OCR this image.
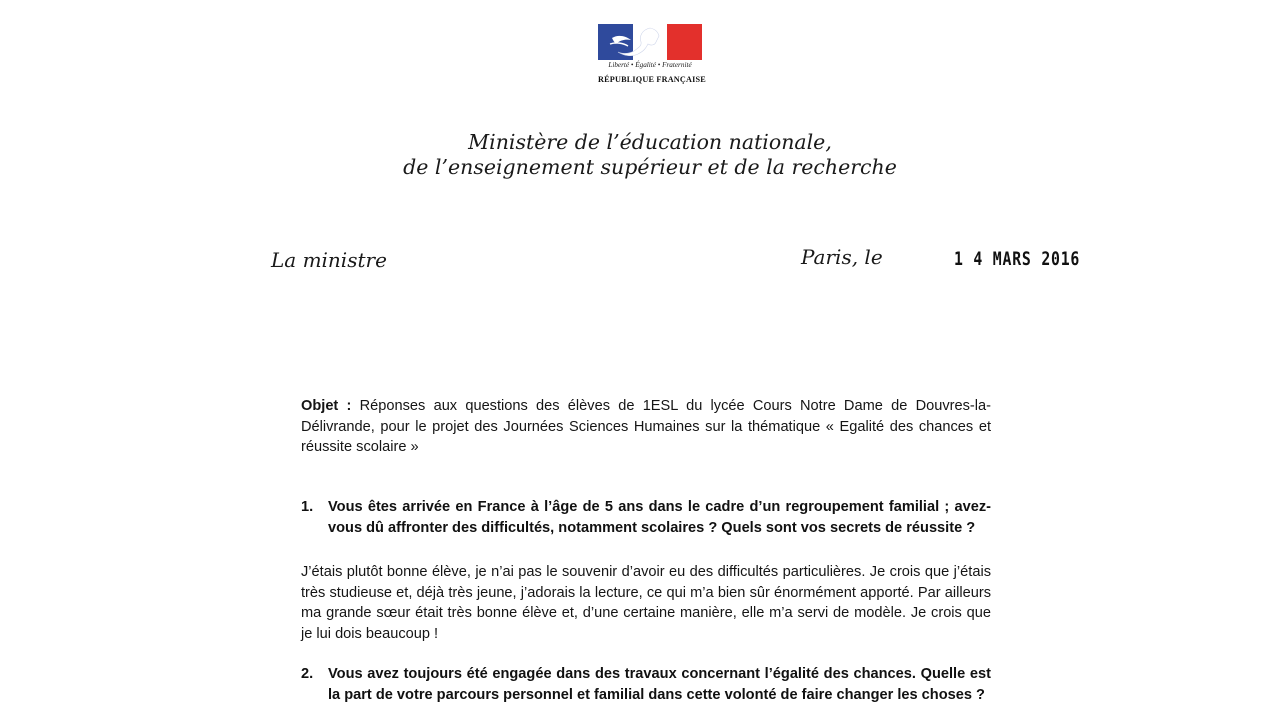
Liberté • Égalité • Fraternité
RÉPUBLIQUE FRANÇAISE
Ministère de l’éducation nationale,
de l’enseignement supérieur et de la recherche
La ministre	Paris, le	1 4 MARS 2016
Objet : Réponses aux questions des élèves de 1ESL du lycée Cours Notre Dame de Douvres-la-Délivrande, pour le projet des Journées Sciences Humaines sur la thématique « Egalité des chances et réussite scolaire »
1. Vous êtes arrivée en France à l’âge de 5 ans dans le cadre d’un regroupement familial ; avez-vous dû affronter des difficultés, notamment scolaires ? Quels sont vos secrets de réussite ?
J’étais plutôt bonne élève, je n’ai pas le souvenir d’avoir eu des difficultés particulières. Je crois que j’étais très studieuse et, déjà très jeune, j’adorais la lecture, ce qui m’a bien sûr énormément apporté. Par ailleurs ma grande sœur était très bonne élève et, d’une certaine manière, elle m’a servi de modèle. Je crois que je lui dois beaucoup !
2. Vous avez toujours été engagée dans des travaux concernant l’égalité des chances. Quelle est la part de votre parcours personnel et familial dans cette volonté de faire changer les choses ?
